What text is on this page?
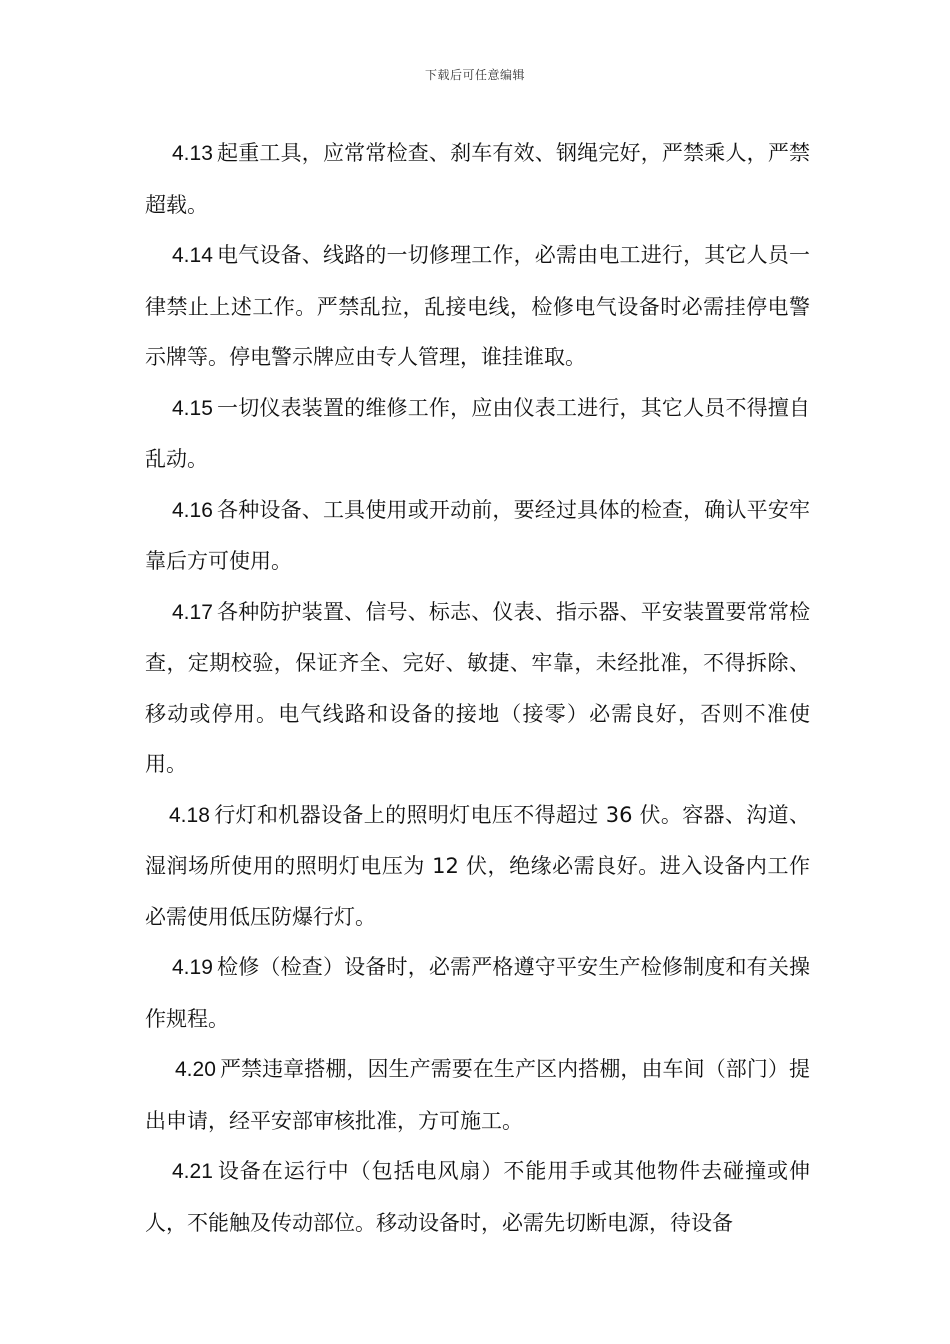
下载后可任意编辑

4.13 起重工具，应常常检查、刹车有效、钢绳完好，严禁乘人，严禁超载。

4.14 电气设备、线路的一切修理工作，必需由电工进行，其它人员一律禁止上述工作。严禁乱拉，乱接电线，检修电气设备时必需挂停电警示牌等。停电警示牌应由专人管理，谁挂谁取。

4.15 一切仪表装置的维修工作，应由仪表工进行，其它人员不得擅自乱动。

4.16 各种设备、工具使用或开动前，要经过具体的检查，确认平安牢靠后方可使用。

4.17 各种防护装置、信号、标志、仪表、指示器、平安装置要常常检查，定期校验，保证齐全、完好、敏捷、牢靠，未经批准，不得拆除、移动或停用。电气线路和设备的接地（接零）必需良好，否则不准使用。

4.18 行灯和机器设备上的照明灯电压不得超过 36 伏。容器、沟道、湿润场所使用的照明灯电压为 12 伏，绝缘必需良好。进入设备内工作必需使用低压防爆行灯。

4.19 检修（检查）设备时，必需严格遵守平安生产检修制度和有关操作规程。

4.20 严禁违章搭棚，因生产需要在生产区内搭棚，由车间（部门）提出申请，经平安部审核批准，方可施工。

4.21 设备在运行中（包括电风扇）不能用手或其他物件去碰撞或伸人，不能触及传动部位。移动设备时，必需先切断电源，待设备
